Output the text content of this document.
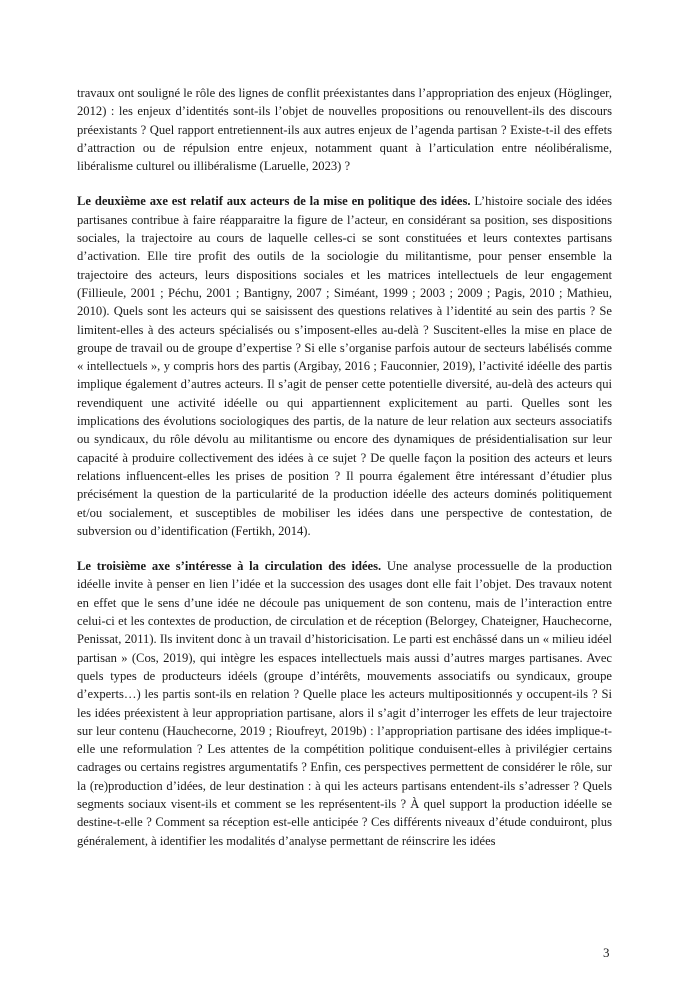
travaux ont souligné le rôle des lignes de conflit préexistantes dans l’appropriation des enjeux (Höglinger, 2012) : les enjeux d’identités sont-ils l’objet de nouvelles propositions ou renouvellent-ils des discours préexistants ? Quel rapport entretiennent-ils aux autres enjeux de l’agenda partisan ? Existe-t-il des effets d’attraction ou de répulsion entre enjeux, notamment quant à l’articulation entre néolibéralisme, libéralisme culturel ou illibéralisme (Laruelle, 2023) ?

Le deuxième axe est relatif aux acteurs de la mise en politique des idées. L’histoire sociale des idées partisanes contribue à faire réapparaitre la figure de l’acteur, en considérant sa position, ses dispositions sociales, la trajectoire au cours de laquelle celles-ci se sont constituées et leurs contextes partisans d’activation. Elle tire profit des outils de la sociologie du militantisme, pour penser ensemble la trajectoire des acteurs, leurs dispositions sociales et les matrices intellectuels de leur engagement (Fillieule, 2001 ; Péchu, 2001 ; Bantigny, 2007 ; Siméant, 1999 ; 2003 ; 2009 ; Pagis, 2010 ; Mathieu, 2010). Quels sont les acteurs qui se saisissent des questions relatives à l’identité au sein des partis ? Se limitent-elles à des acteurs spécialisés ou s’imposent-elles au-delà ? Suscitent-elles la mise en place de groupe de travail ou de groupe d’expertise ? Si elle s’organise parfois autour de secteurs labélisés comme « intellectuels », y compris hors des partis (Argibay, 2016 ; Fauconnier, 2019), l’activité idéelle des partis implique également d’autres acteurs. Il s’agit de penser cette potentielle diversité, au-delà des acteurs qui revendiquent une activité idéelle ou qui appartiennent explicitement au parti. Quelles sont les implications des évolutions sociologiques des partis, de la nature de leur relation aux secteurs associatifs ou syndicaux, du rôle dévolu au militantisme ou encore des dynamiques de présidentialisation sur leur capacité à produire collectivement des idées à ce sujet ? De quelle façon la position des acteurs et leurs relations influencent-elles les prises de position ? Il pourra également être intéressant d’étudier plus précisément la question de la particularité de la production idéelle des acteurs dominés politiquement et/ou socialement, et susceptibles de mobiliser les idées dans une perspective de contestation, de subversion ou d’identification (Fertikh, 2014).

Le troisième axe s’intéresse à la circulation des idées. Une analyse processuelle de la production idéelle invite à penser en lien l’idée et la succession des usages dont elle fait l’objet. Des travaux notent en effet que le sens d’une idée ne découle pas uniquement de son contenu, mais de l’interaction entre celui-ci et les contextes de production, de circulation et de réception (Belorgey, Chateigner, Hauchecorne, Penissat, 2011). Ils invitent donc à un travail d’historicisation. Le parti est enchâssé dans un « milieu idéel partisan » (Cos, 2019), qui intègre les espaces intellectuels mais aussi d’autres marges partisanes. Avec quels types de producteurs idéels (groupe d’intérêts, mouvements associatifs ou syndicaux, groupe d’experts…) les partis sont-ils en relation ? Quelle place les acteurs multipositionnés y occupent-ils ? Si les idées préexistent à leur appropriation partisane, alors il s’agit d’interroger les effets de leur trajectoire sur leur contenu (Hauchecorne, 2019 ; Rioufreyt, 2019b) : l’appropriation partisane des idées implique-t-elle une reformulation ? Les attentes de la compétition politique conduisent-elles à privilégier certains cadrages ou certains registres argumentatifs ? Enfin, ces perspectives permettent de considérer le rôle, sur la (re)production d’idées, de leur destination : à qui les acteurs partisans entendent-ils s’adresser ? Quels segments sociaux visent-ils et comment se les représentent-ils ? À quel support la production idéelle se destine-t-elle ? Comment sa réception est-elle anticipée ? Ces différents niveaux d’étude conduiront, plus généralement, à identifier les modalités d’analyse permettant de réinscrire les idées

3
